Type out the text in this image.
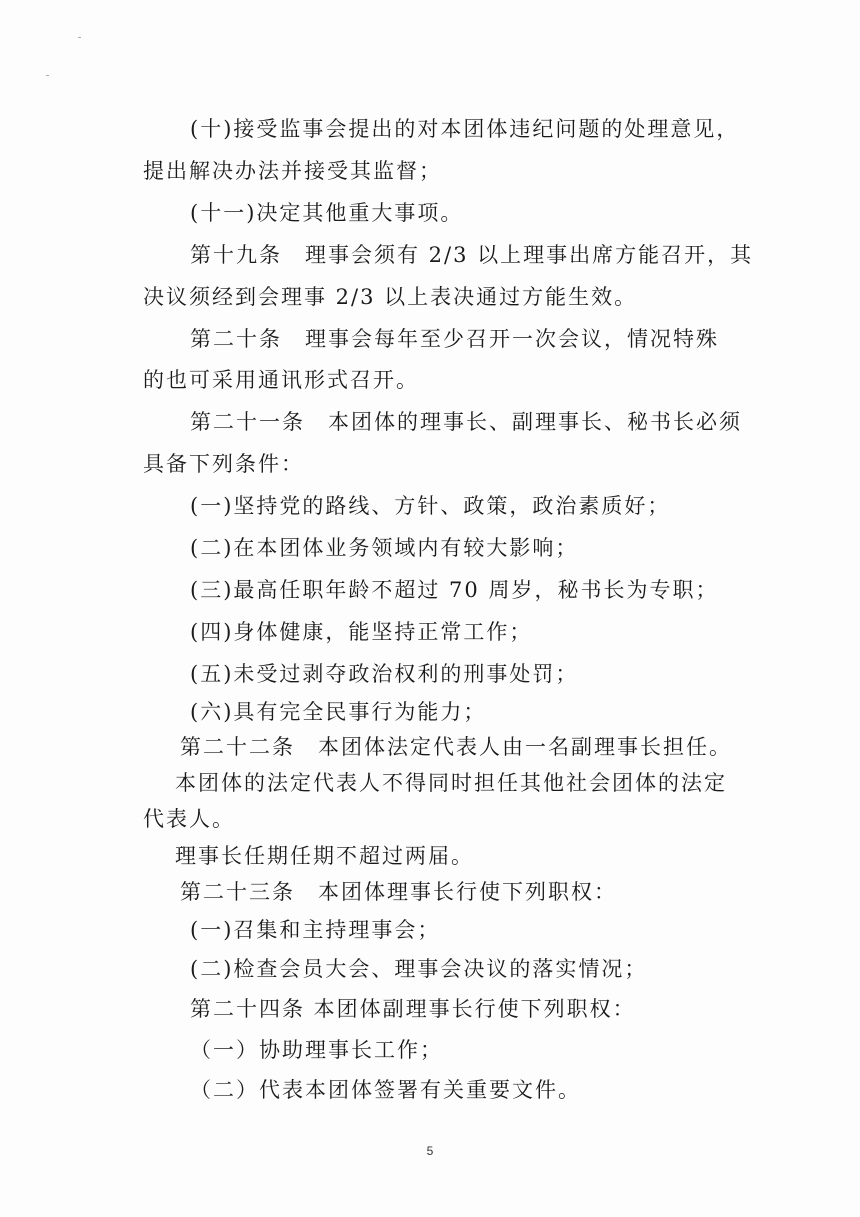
(十)接受监事会提出的对本团体违纪问题的处理意见，
提出解决办法并接受其监督；
(十一)决定其他重大事项。
第十九条　理事会须有 2/3 以上理事出席方能召开，其
决议须经到会理事 2/3 以上表决通过方能生效。
第二十条　理事会每年至少召开一次会议，情况特殊
的也可采用通讯形式召开。
第二十一条　本团体的理事长、副理事长、秘书长必须
具备下列条件：
(一)坚持党的路线、方针、政策，政治素质好；
(二)在本团体业务领域内有较大影响；
(三)最高任职年龄不超过 70 周岁，秘书长为专职；
(四)身体健康，能坚持正常工作；
(五)未受过剥夺政治权利的刑事处罚；
(六)具有完全民事行为能力；
第二十二条　本团体法定代表人由一名副理事长担任。
本团体的法定代表人不得同时担任其他社会团体的法定
代表人。
理事长任期任期不超过两届。
第二十三条　本团体理事长行使下列职权：
(一)召集和主持理事会；
(二)检查会员大会、理事会决议的落实情况；
第二十四条 本团体副理事长行使下列职权：
（一）协助理事长工作；
（二）代表本团体签署有关重要文件。
5
